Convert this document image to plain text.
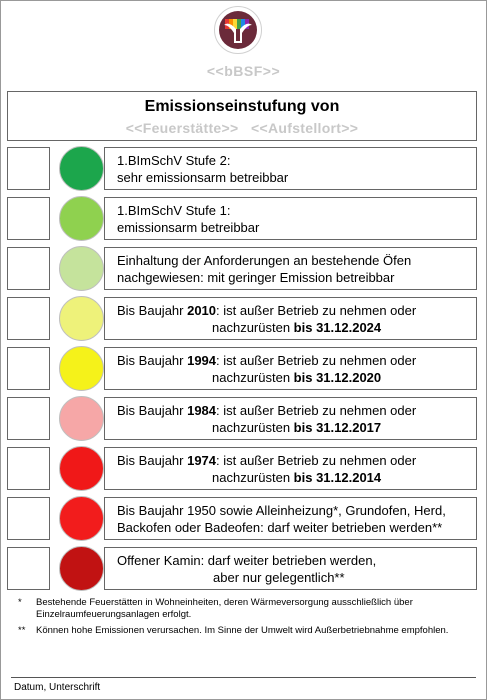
<<bBSF>>
Emissionseinstufung von
<<Feuerstätte>> <<Aufstellort>>
1.BImSchV Stufe 2:
sehr emissionsarm betreibbar
1.BImSchV Stufe 1:
emissionsarm betreibbar
Einhaltung der Anforderungen an bestehende Öfen
nachgewiesen: mit geringer Emission betreibbar
Bis Baujahr 2010: ist außer Betrieb zu nehmen oder
nachzurüsten bis 31.12.2024
Bis Baujahr 1994: ist außer Betrieb zu nehmen oder
nachzurüsten bis 31.12.2020
Bis Baujahr 1984: ist außer Betrieb zu nehmen oder
nachzurüsten bis 31.12.2017
Bis Baujahr 1974: ist außer Betrieb zu nehmen oder
nachzurüsten bis 31.12.2014
Bis Baujahr 1950 sowie Alleinheizung*, Grundofen, Herd,
Backofen oder Badeofen: darf weiter betrieben werden**
Offener Kamin: darf weiter betrieben werden,
aber nur gelegentlich**
*	Bestehende Feuerstätten in Wohneinheiten, deren Wärmeversorgung ausschließlich über Einzelraumfeuerungsanlagen erfolgt.
**	Können hohe Emissionen verursachen. Im Sinne der Umwelt wird Außerbetriebnahme empfohlen.
Datum, Unterschrift
